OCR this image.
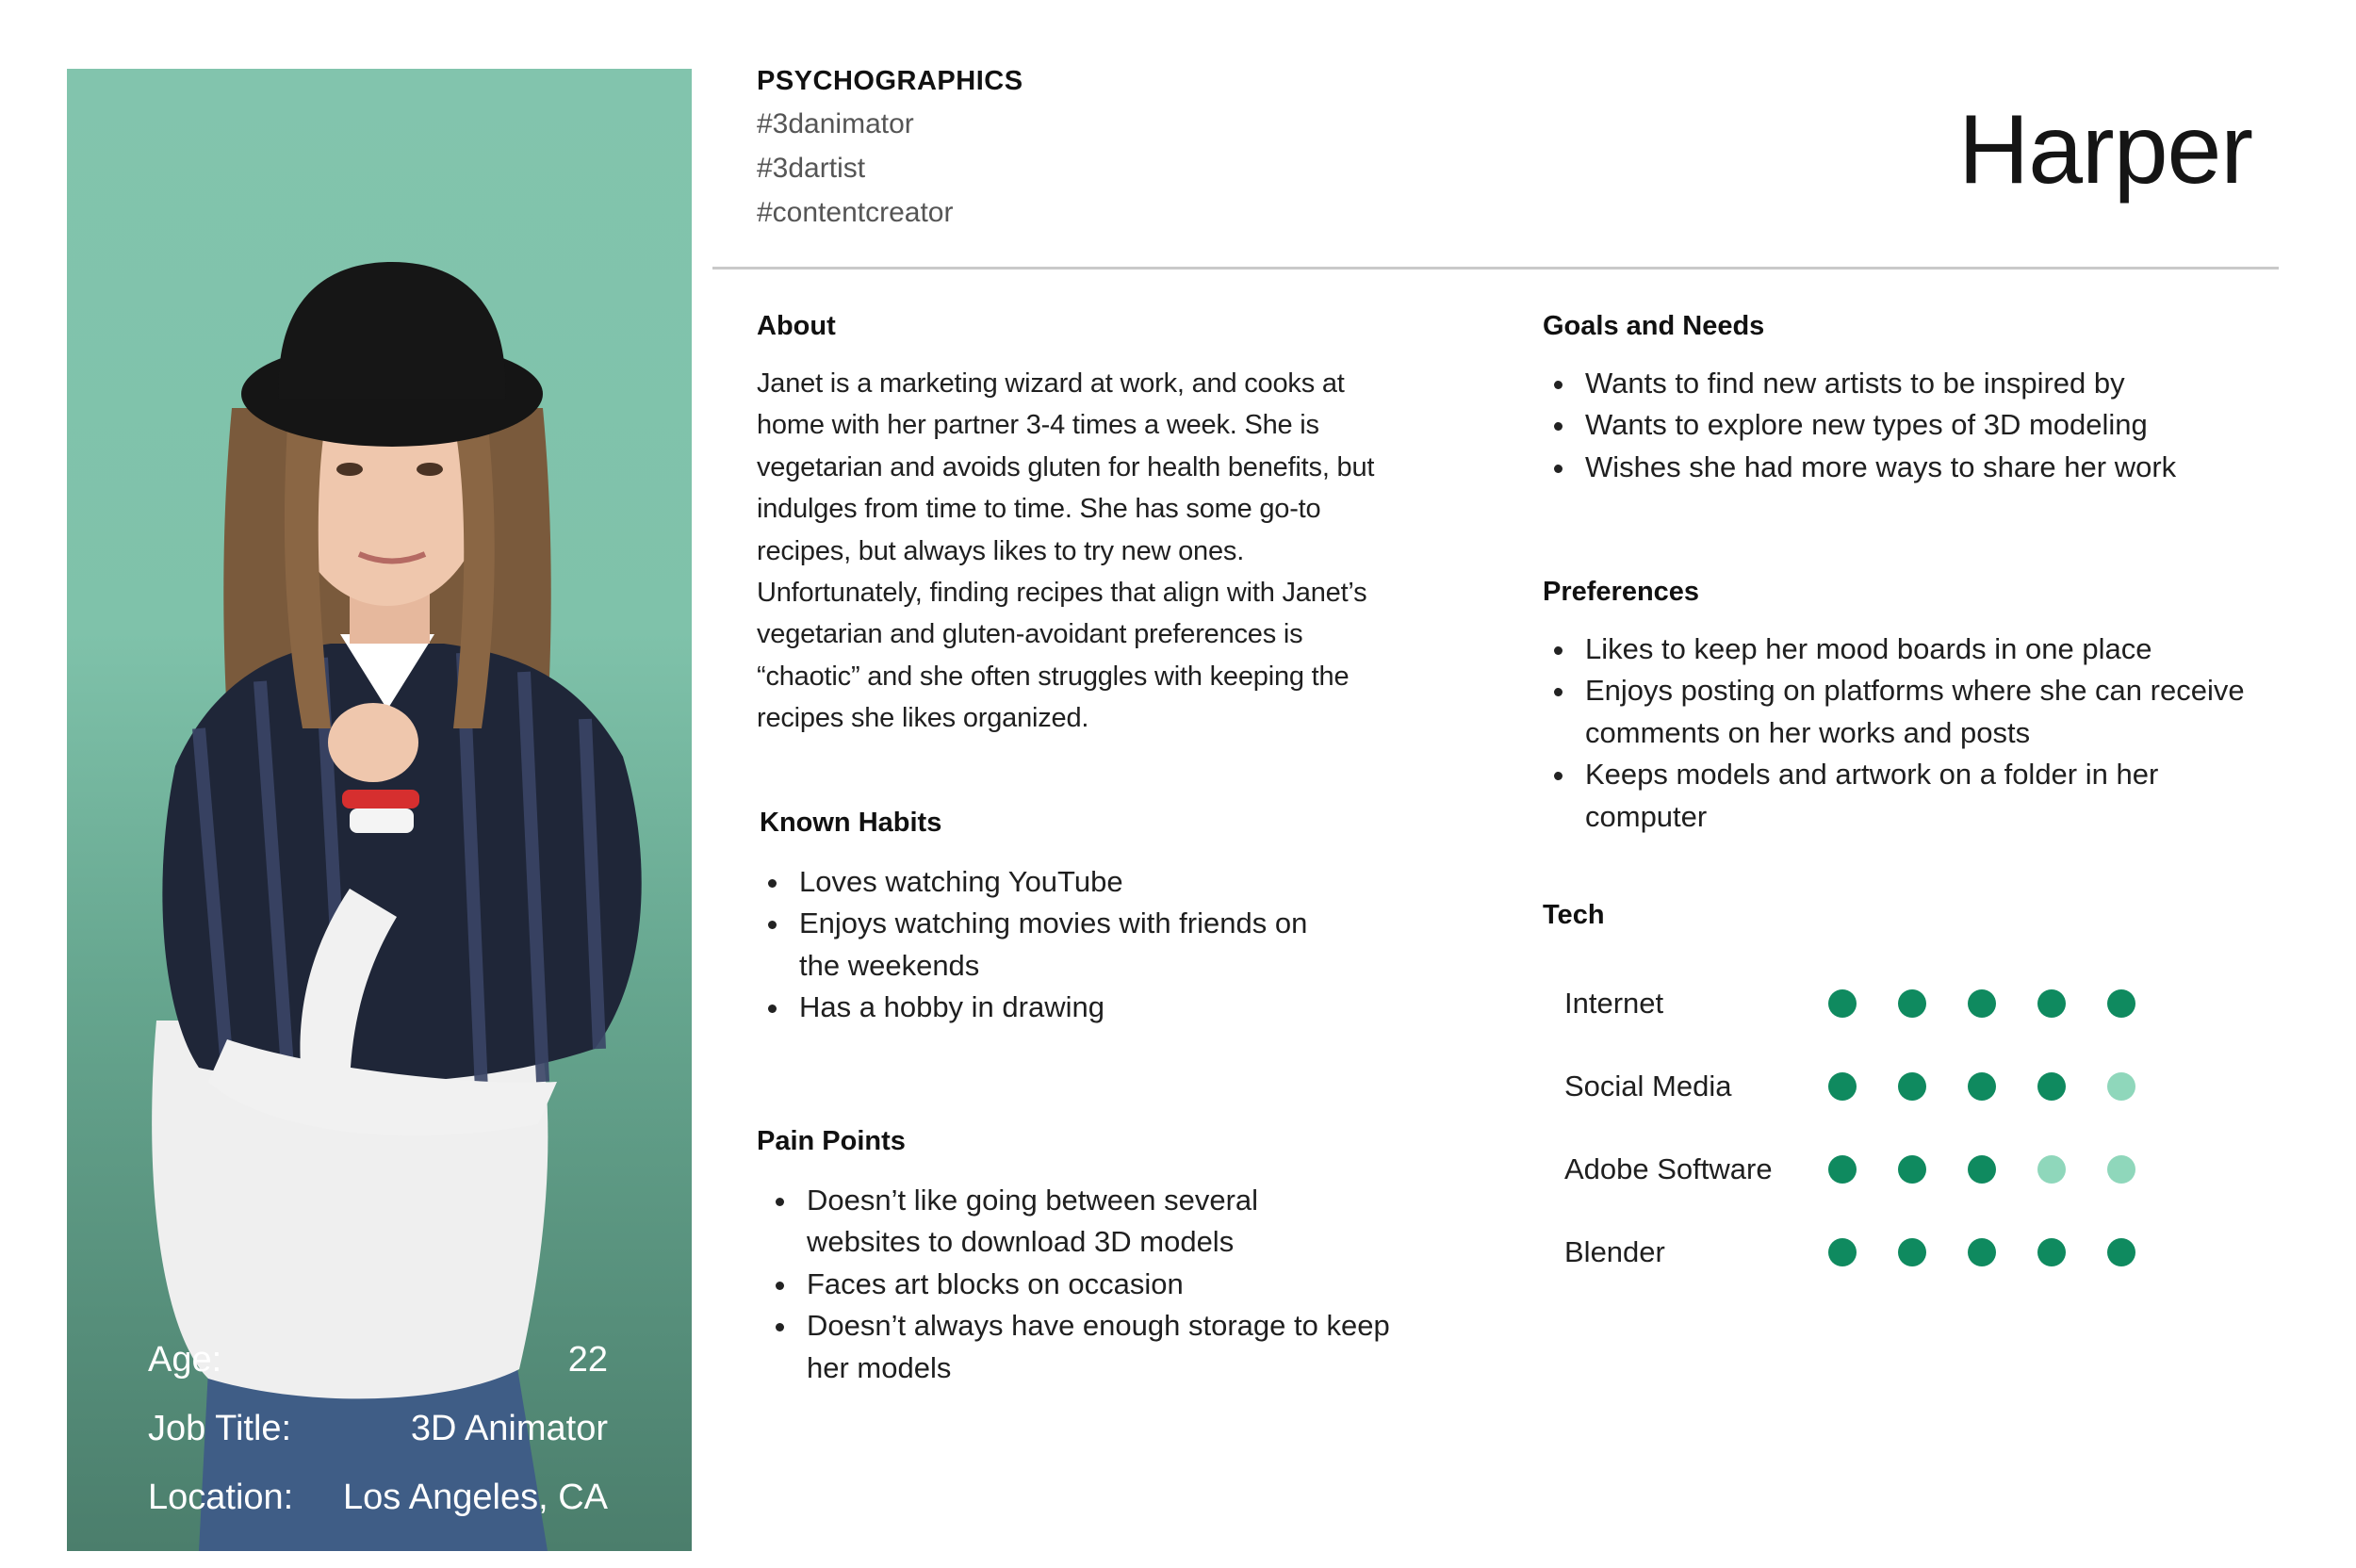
Age:	22
Job Title:	3D Animator
Location: Los Angeles, CA
PSYCHOGRAPHICS
#3danimator
#3dartist
#contentcreator
Harper
About
Janet is a marketing wizard at work, and cooks at
home with her partner 3-4 times a week. She is
vegetarian and avoids gluten for health benefits, but
indulges from time to time. She has some go-to
recipes, but always likes to try new ones.
Unfortunately, finding recipes that align with Janet’s
vegetarian and gluten-avoidant preferences is
“chaotic” and she often struggles with keeping the
recipes she likes organized.
Known Habits
Loves watching YouTube
Enjoys watching movies with friends on
the weekends
Has a hobby in drawing
Pain Points
Doesn’t like going between several
websites to download 3D models
Faces art blocks on occasion
Doesn’t always have enough storage to keep
her models
Goals and Needs
Wants to find new artists to be inspired by
Wants to explore new types of 3D modeling
Wishes she had more ways to share her work
Preferences
Likes to keep her mood boards in one place
Enjoys posting on platforms where she can receive
comments on her works and posts
Keeps models and artwork on a folder in her
computer
Tech
Internet
Social Media
Adobe Software
Blender
